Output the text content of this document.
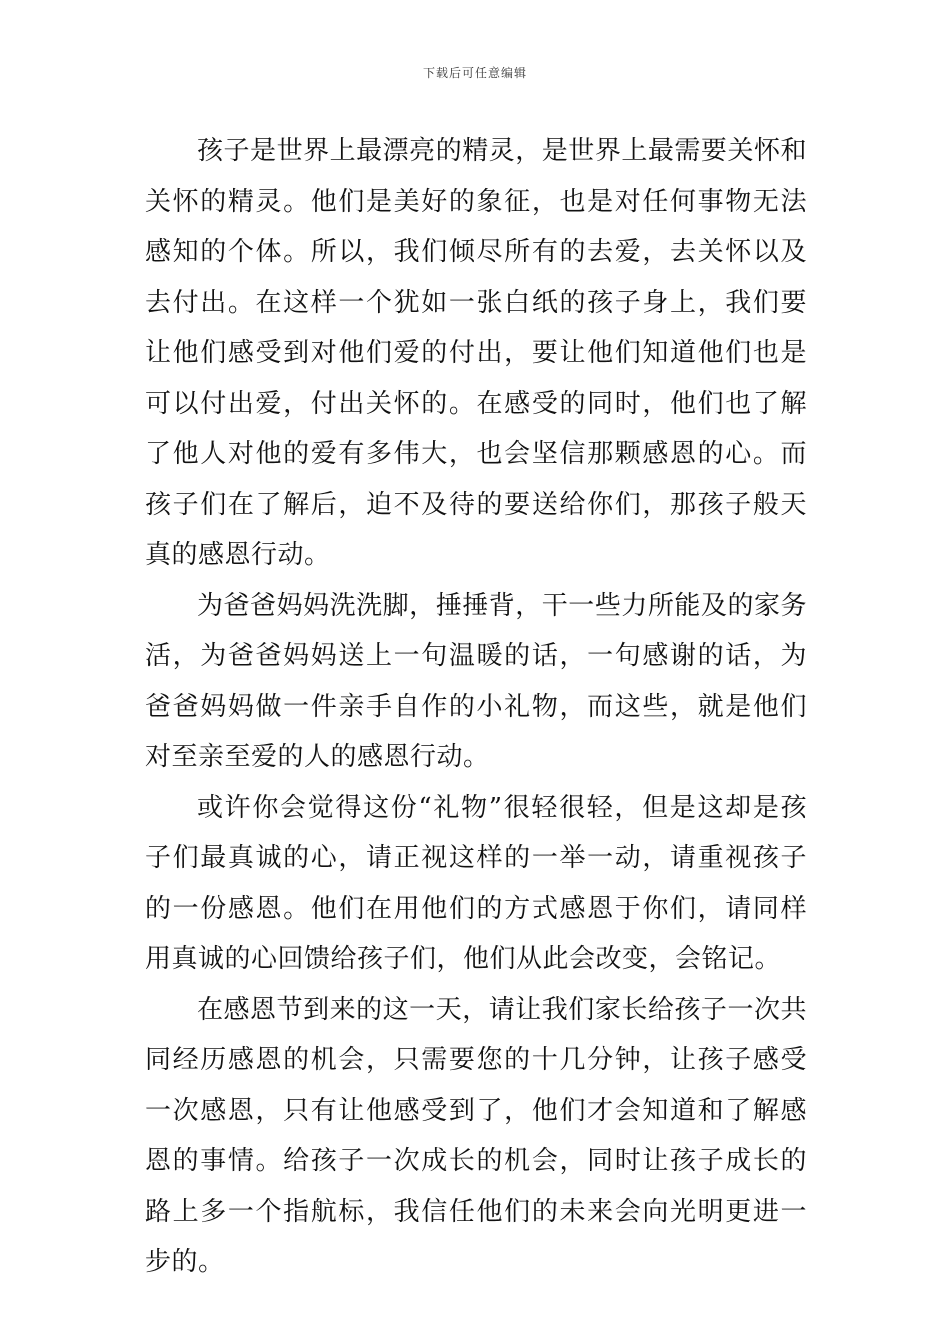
下载后可任意编辑

孩子是世界上最漂亮的精灵，是世界上最需要关怀和关怀的精灵。他们是美好的象征，也是对任何事物无法感知的个体。所以，我们倾尽所有的去爱，去关怀以及去付出。在这样一个犹如一张白纸的孩子身上，我们要让他们感受到对他们爱的付出，要让他们知道他们也是可以付出爱，付出关怀的。在感受的同时，他们也了解了他人对他的爱有多伟大，也会坚信那颗感恩的心。而孩子们在了解后，迫不及待的要送给你们，那孩子般天真的感恩行动。

为爸爸妈妈洗洗脚，捶捶背，干一些力所能及的家务活，为爸爸妈妈送上一句温暖的话，一句感谢的话，为爸爸妈妈做一件亲手自作的小礼物，而这些，就是他们对至亲至爱的人的感恩行动。

或许你会觉得这份“礼物”很轻很轻，但是这却是孩子们最真诚的心，请正视这样的一举一动，请重视孩子的一份感恩。他们在用他们的方式感恩于你们，请同样用真诚的心回馈给孩子们，他们从此会改变，会铭记。

在感恩节到来的这一天，请让我们家长给孩子一次共同经历感恩的机会，只需要您的十几分钟，让孩子感受一次感恩，只有让他感受到了，他们才会知道和了解感恩的事情。给孩子一次成长的机会，同时让孩子成长的路上多一个指航标，我信任他们的未来会向光明更进一步的。
